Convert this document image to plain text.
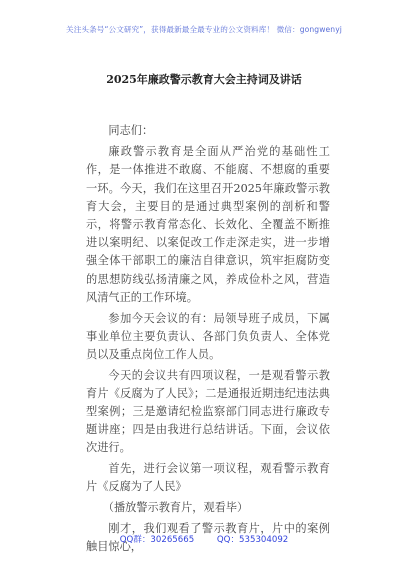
关注头条号“公文研究”，获得最新最全最专业的公文资料库！ 微信：gongwenyj
2025年廉政警示教育大会主持词及讲话

同志们：

廉政警示教育是全面从严治党的基础性工作，是一体推进不敢腐、不能腐、不想腐的重要一环。今天，我们在这里召开2025年廉政警示教育大会，主要目的是通过典型案例的剖析和警示，将警示教育常态化、长效化、全覆盖不断推进以案明纪、以案促改工作走深走实，进一步增强全体干部职工的廉洁自律意识，筑牢拒腐防变的思想防线弘扬清廉之风，养成俭朴之风，营造风清气正的工作环境。

参加今天会议的有：局领导班子成员，下属事业单位主要负责认、各部门负负责人、全体党员以及重点岗位工作人员。

今天的会议共有四项议程，一是观看警示教育片《反腐为了人民》；二是通报近期违纪违法典型案例；三是邀请纪检监察部门同志进行廉政专题讲座；四是由我进行总结讲话。下面，会议依次进行。

首先，进行会议第一项议程，观看警示教育片《反腐为了人民》

（播放警示教育片，观看毕）

刚才，我们观看了警示教育片，片中的案例触目惊心，

QQ群：30265665	QQ：535304092
